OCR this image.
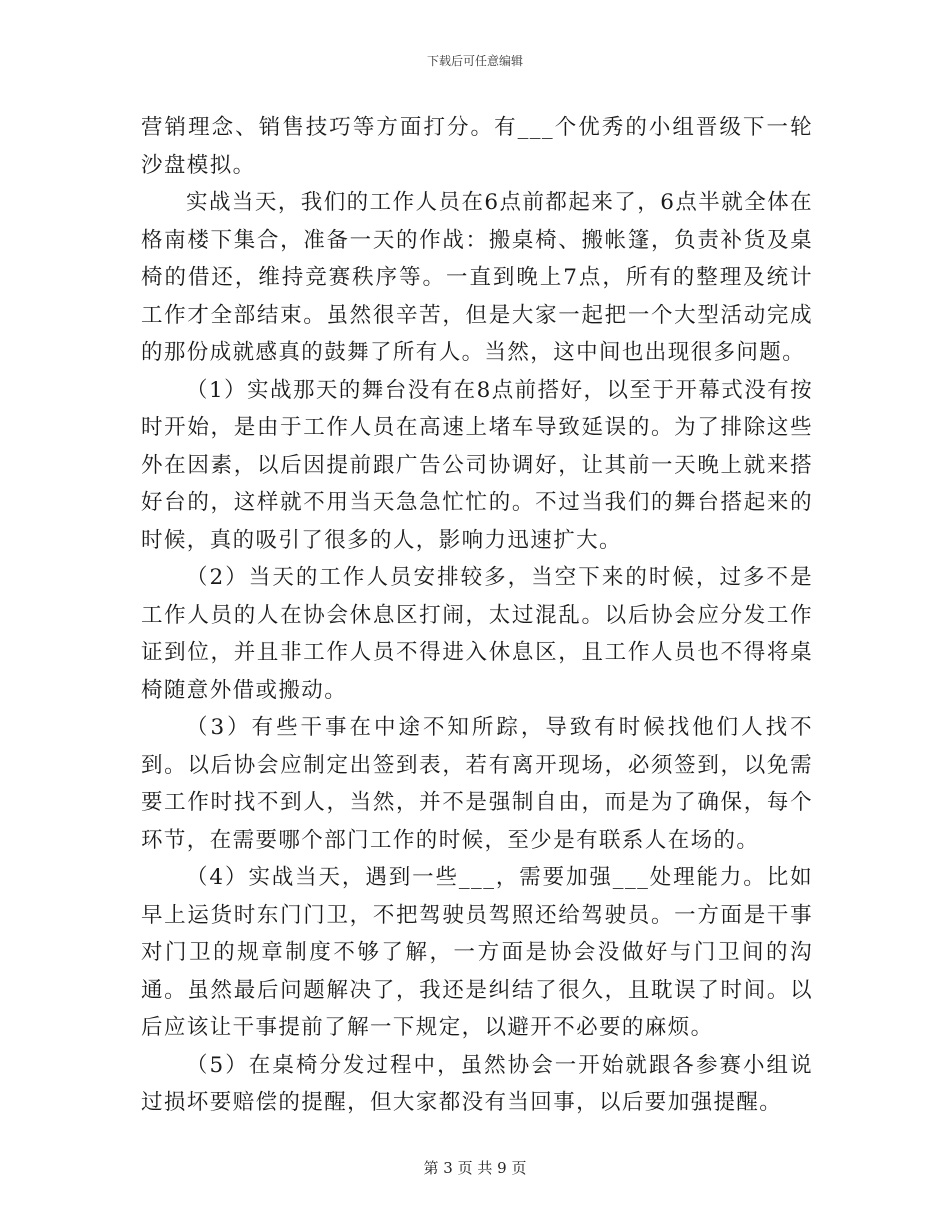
下载后可任意编辑

营销理念、销售技巧等方面打分。有___个优秀的小组晋级下一轮沙盘模拟。

实战当天，我们的工作人员在6点前都起来了，6点半就全体在格南楼下集合，准备一天的作战：搬桌椅、搬帐篷，负责补货及桌椅的借还，维持竞赛秩序等。一直到晚上7点，所有的整理及统计工作才全部结束。虽然很辛苦，但是大家一起把一个大型活动完成的那份成就感真的鼓舞了所有人。当然，这中间也出现很多问题。

（1）实战那天的舞台没有在8点前搭好，以至于开幕式没有按时开始，是由于工作人员在高速上堵车导致延误的。为了排除这些外在因素，以后因提前跟广告公司协调好，让其前一天晚上就来搭好台的，这样就不用当天急急忙忙的。不过当我们的舞台搭起来的时候，真的吸引了很多的人，影响力迅速扩大。

（2）当天的工作人员安排较多，当空下来的时候，过多不是工作人员的人在协会休息区打闹，太过混乱。以后协会应分发工作证到位，并且非工作人员不得进入休息区，且工作人员也不得将桌椅随意外借或搬动。

（3）有些干事在中途不知所踪，导致有时候找他们人找不到。以后协会应制定出签到表，若有离开现场，必须签到，以免需要工作时找不到人，当然，并不是强制自由，而是为了确保，每个环节，在需要哪个部门工作的时候，至少是有联系人在场的。

（4）实战当天，遇到一些___，需要加强___处理能力。比如早上运货时东门门卫，不把驾驶员驾照还给驾驶员。一方面是干事对门卫的规章制度不够了解，一方面是协会没做好与门卫间的沟通。虽然最后问题解决了，我还是纠结了很久，且耽误了时间。以后应该让干事提前了解一下规定，以避开不必要的麻烦。

（5）在桌椅分发过程中，虽然协会一开始就跟各参赛小组说过损坏要赔偿的提醒，但大家都没有当回事，以后要加强提醒。

第 3 页 共 9 页
